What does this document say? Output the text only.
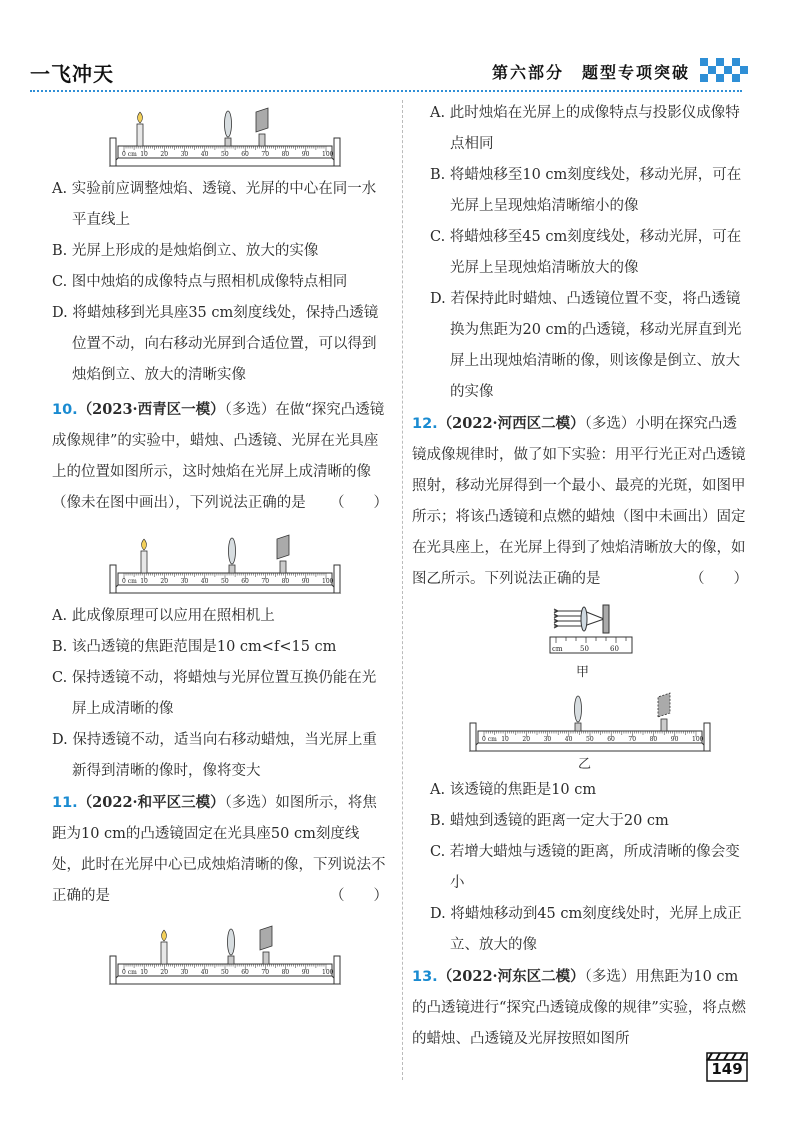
一飞冲天	第六部分　题型专项突破
0 cm 10 20 30 40 50 60 70 80 90 100

A. 实验前应调整烛焰、透镜、光屏的中心在同一水平直线上

B. 光屏上形成的是烛焰倒立、放大的实像

C. 图中烛焰的成像特点与照相机成像特点相同

D. 将蜡烛移到光具座35 cm刻度线处，保持凸透镜位置不动，向右移动光屏到合适位置，可以得到烛焰倒立、放大的清晰实像

10.（2023·西青区一模）（多选）在做“探究凸透镜成像规律”的实验中，蜡烛、凸透镜、光屏在光具座上的位置如图所示，这时烛焰在光屏上成清晰的像（像未在图中画出），下列说法正确的是 （　　）

0 cm 10 20 30 40 50 60 70 80 90 100

A. 此成像原理可以应用在照相机上

B. 该凸透镜的焦距范围是10 cm<f<15 cm

C. 保持透镜不动，将蜡烛与光屏位置互换仍能在光屏上成清晰的像

D. 保持透镜不动，适当向右移动蜡烛，当光屏上重新得到清晰的像时，像将变大

11.（2022·和平区三模）（多选）如图所示，将焦距为10 cm的凸透镜固定在光具座50 cm刻度线处，此时在光屏中心已成烛焰清晰的像，下列说法不正确的是	（　　）

0 cm 10 20 30 40 50 60 70 80 90 100

A. 此时烛焰在光屏上的成像特点与投影仪成像特点相同

B. 将蜡烛移至10 cm刻度线处，移动光屏，可在光屏上呈现烛焰清晰缩小的像

C. 将蜡烛移至45 cm刻度线处，移动光屏，可在光屏上呈现烛焰清晰放大的像

D. 若保持此时蜡烛、凸透镜位置不变，将凸透镜换为焦距为20 cm的凸透镜，移动光屏直到光屏上出现烛焰清晰的像，则该像是倒立、放大的实像

12.（2022·河西区二模）（多选）小明在探究凸透镜成像规律时，做了如下实验：用平行光正对凸透镜照射，移动光屏得到一个最小、最亮的光斑，如图甲所示；将该凸透镜和点燃的蜡烛（图中未画出）固定在光具座上，在光屏上得到了烛焰清晰放大的像，如图乙所示。下列说法正确的是	（　　）

cm 50	60

甲

0 cm 10 20 30 40 50 60 70 80 90 100

乙

A. 该透镜的焦距是10 cm

B. 蜡烛到透镜的距离一定大于20 cm

C. 若增大蜡烛与透镜的距离，所成清晰的像会变小

D. 将蜡烛移动到45 cm刻度线处时，光屏上成正立、放大的像

13.（2022·河东区二模）（多选）用焦距为10 cm的凸透镜进行“探究凸透镜成像的规律”实验，将点燃的蜡烛、凸透镜及光屏按照如图所

149
